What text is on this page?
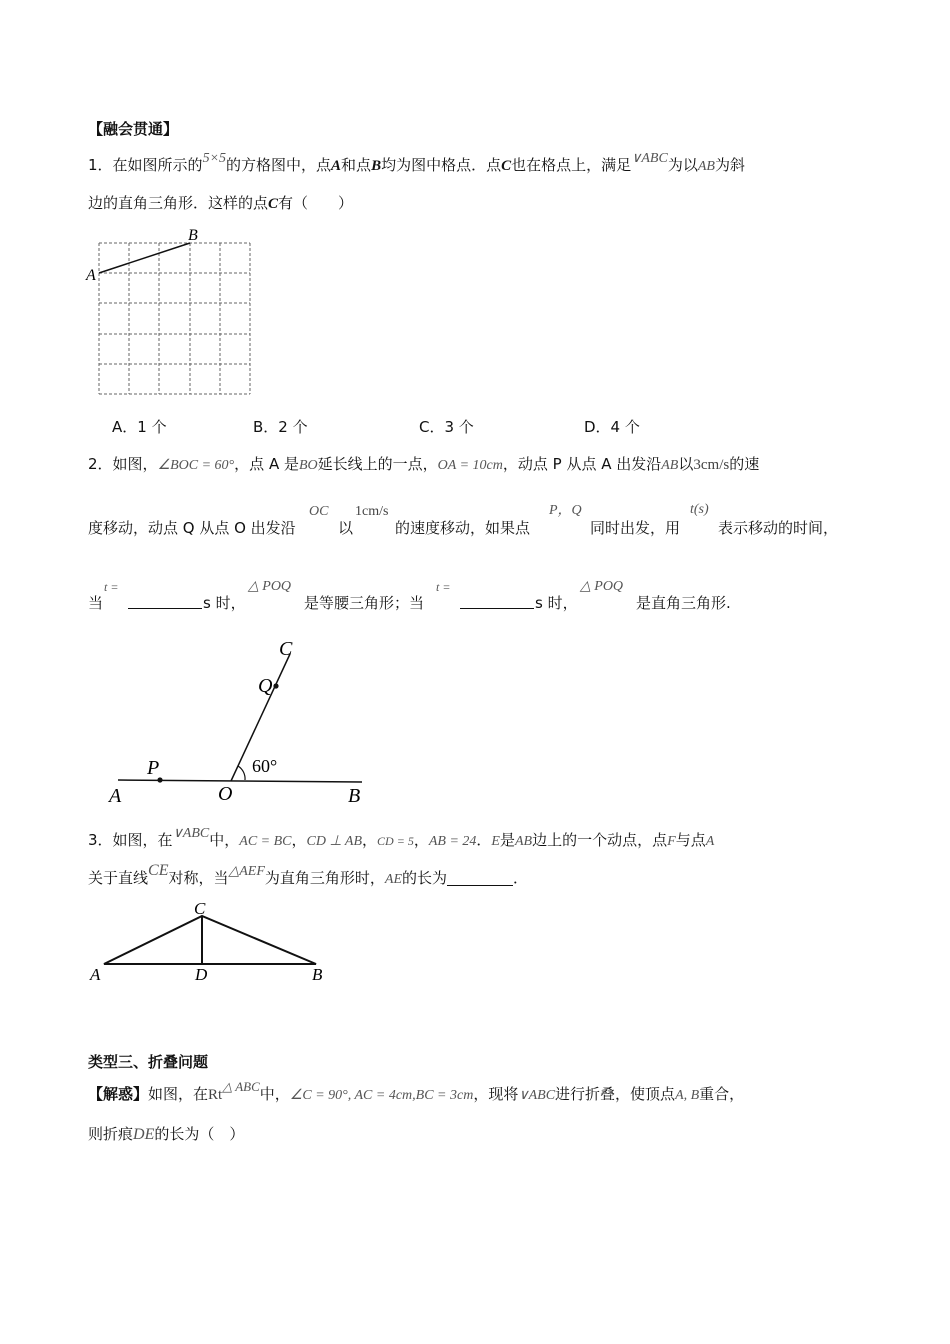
【融会贯通】
1．在如图所示的5×5的方格图中，点A和点B均为图中格点．点C也在格点上，满足∨ABC为以AB为斜
边的直角三角形．这样的点C有（　　）
A
B
A．1 个	B．2 个	C．3 个	D．4 个
2．如图，∠BOC = 60°，点 A 是BO延长线上的一点，OA = 10cm，动点 P 从点 A 出发沿AB以3cm/s的速
度移动，动点 Q 从点 O 出发沿
OC
以
1cm/s
的速度移动，如果点
P，Q
同时出发，用
t(s)
表示移动的时间，
当
t =
s 时，
△ POQ
是等腰三角形；当
t =
s 时，
△ POQ
是直角三角形.
C
Q
P
A	O	B
60°
3．如图，在∨ABC中，AC = BC，CD ⊥ AB，CD = 5，AB = 24．E是AB边上的一个动点，点F与点A
关于直线CE对称，当△AEF为直角三角形时，AE的长为	．
C
A	D	B
类型三、折叠问题
【解惑】如图，在Rt△ ABC中，∠C = 90°, AC = 4cm,BC = 3cm，现将∨ABC进行折叠，使顶点A, B重合，
则折痕DE的长为（　）
